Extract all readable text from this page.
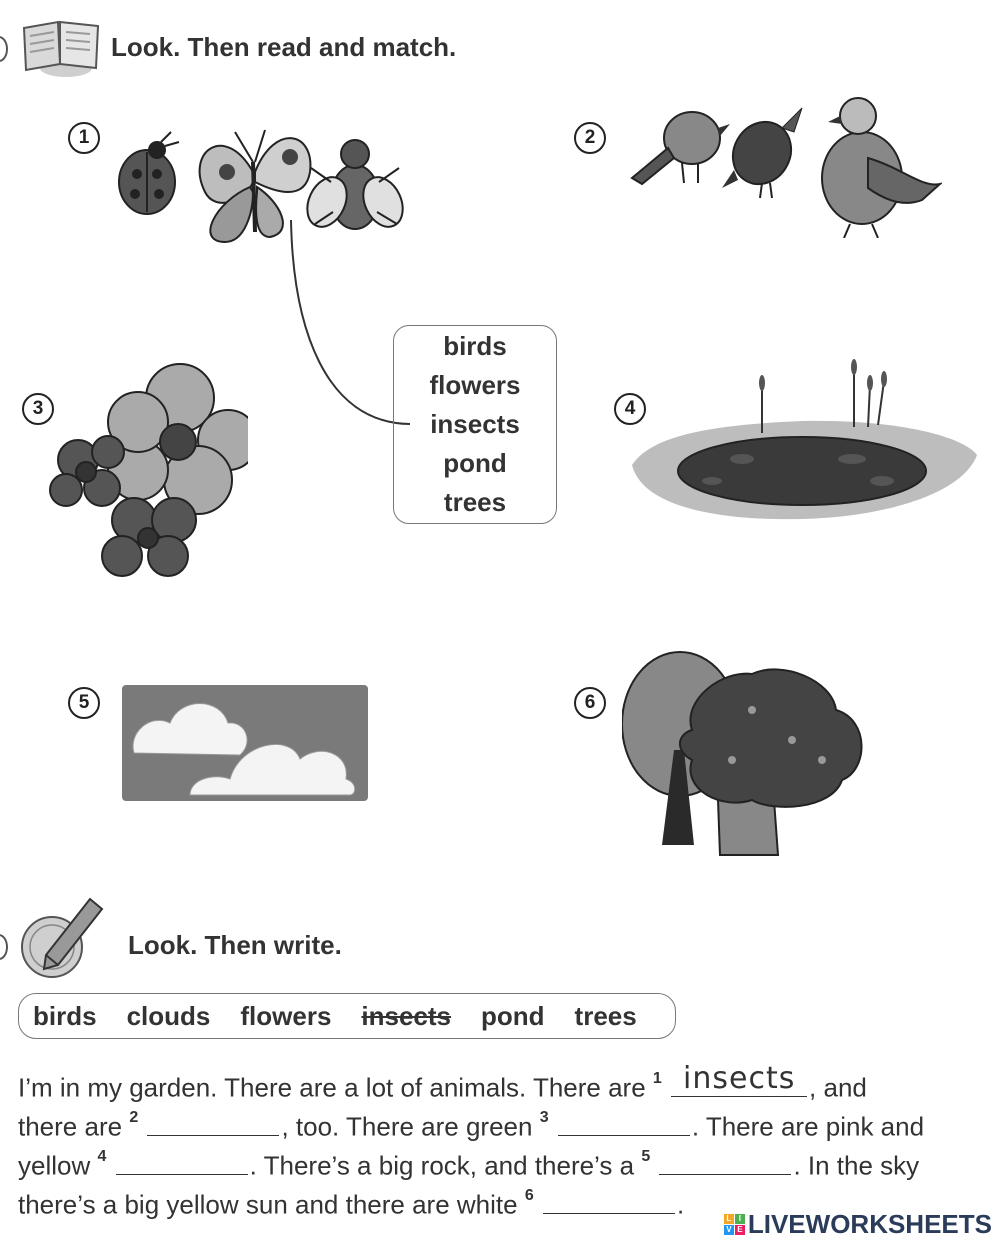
Look. Then read and match.
1	2
3	4
5	6
birds
flowers
insects
pond
trees
Look. Then write.
birds clouds flowers insects pond trees
I’m in my garden. There are a lot of animals. There are $^1$ insects , and
there are $^2$	, too. There are green $^3$	. There are pink and
yellow $^4$	. There’s a big rock, and there’s a $^5$	. In the sky
there’s a big yellow sun and there are white $^6$	.	L I
V E LIVEWORKSHEETS
